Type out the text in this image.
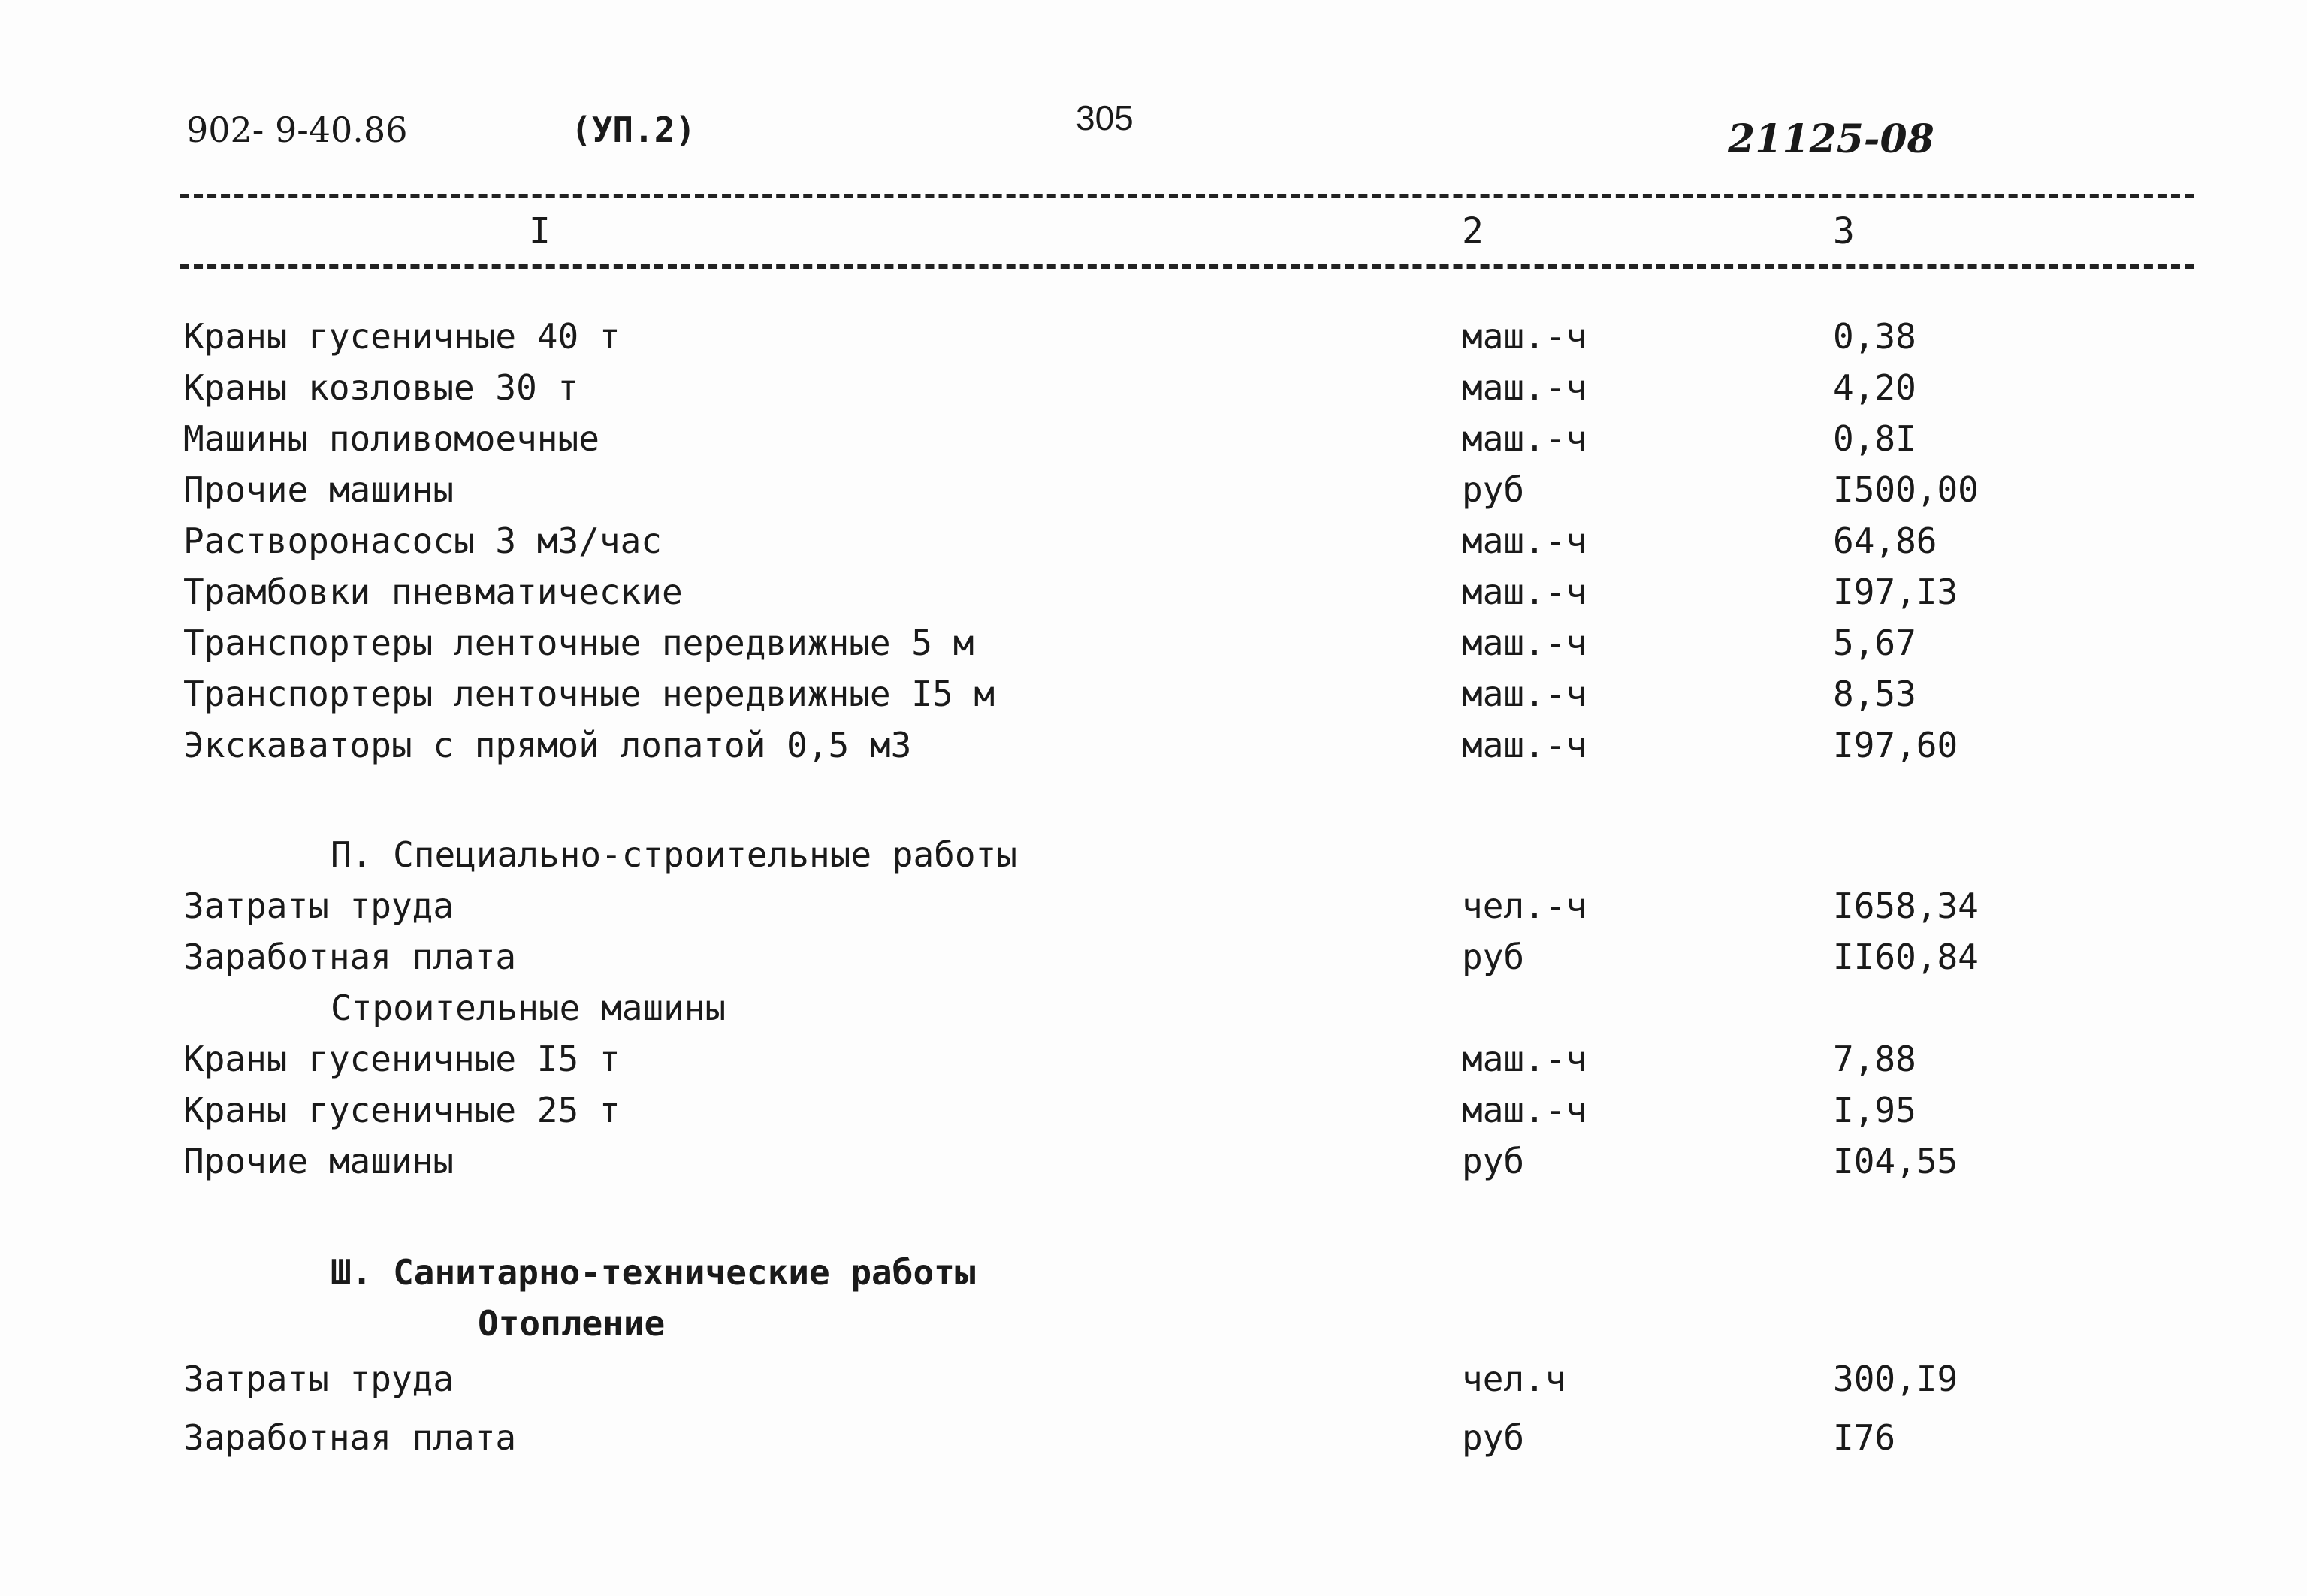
902- 9-40.86	(УП.2)	305	21125-08
I	2	3
Краны гусеничные 40 т	маш.-ч	0,38
Краны козловые 30 т	маш.-ч	4,20
Машины поливомоечные	маш.-ч	0,8I
Прочие машины	руб	I500,00
Растворонасосы 3 м3/час	маш.-ч	64,86
Трамбовки пневматические	маш.-ч	I97,I3
Транспортеры ленточные передвижные 5 м	маш.-ч	5,67
Транспортеры ленточные нередвижные I5 м	маш.-ч	8,53
Экскаваторы с прямой лопатой 0,5 м3	маш.-ч	I97,60
П. Специально-строительные работы
Затраты труда	чел.-ч	I658,34
Заработная плата	руб	II60,84
Строительные машины
Краны гусеничные I5 т	маш.-ч	7,88
Краны гусеничные 25 т	маш.-ч	I,95
Прочие машины	руб	I04,55
Ш. Санитарно-технические работы
Отопление
Затраты труда	чел.ч	300,I9
Заработная плата	руб	I76
